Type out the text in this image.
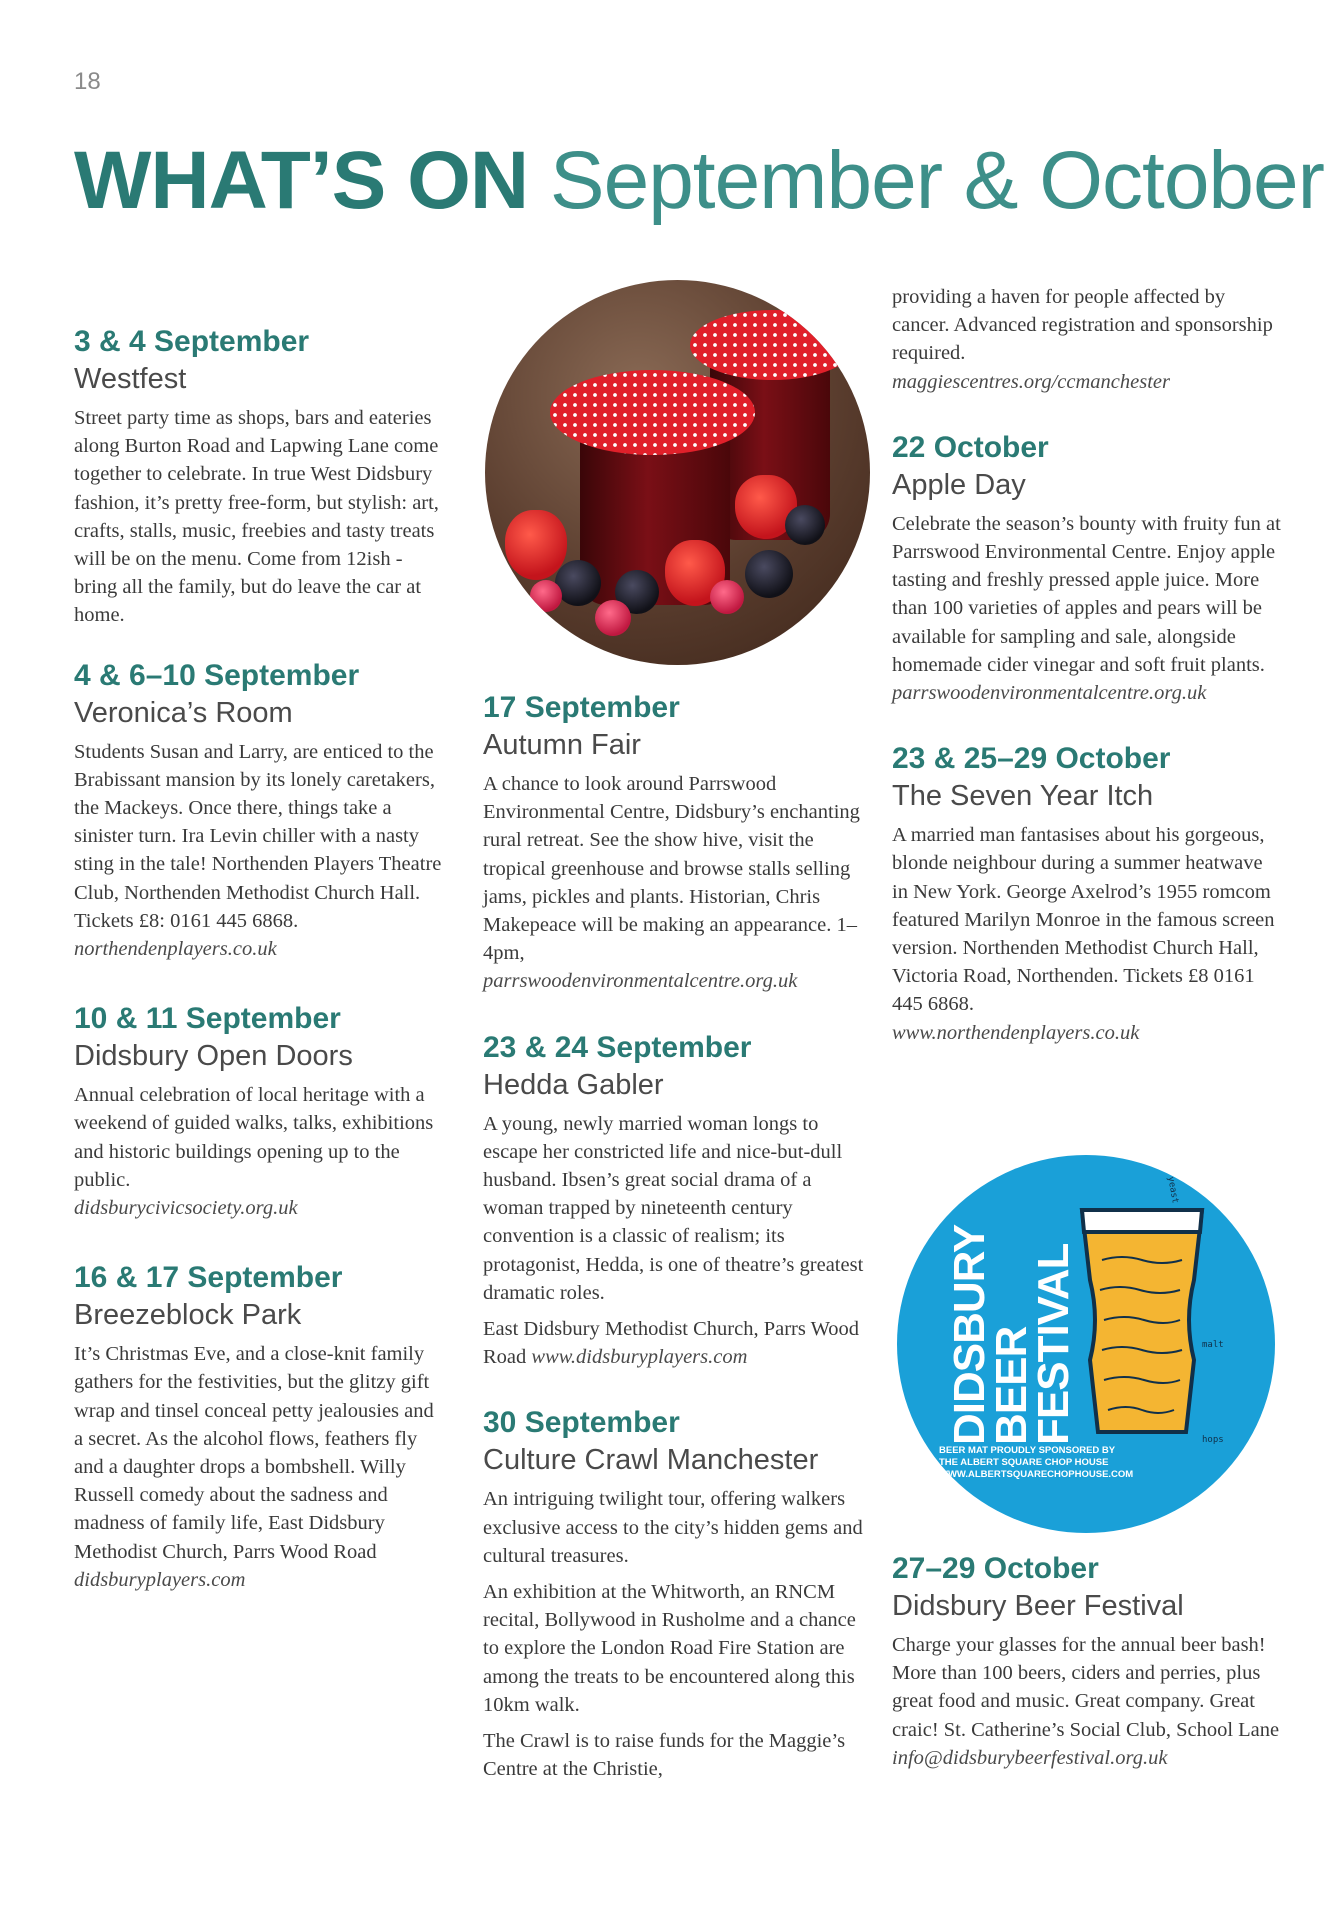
18
WHAT’S ON September & October

3 & 4 September

Westfest

Street party time as shops, bars and eateries along Burton Road and Lapwing Lane come together to celebrate. In true West Didsbury fashion, it’s pretty free-form, but stylish: art, crafts, stalls, music, freebies and tasty treats will be on the menu. Come from 12ish - bring all the family, but do leave the car at home.

4 & 6–10 September

Veronica’s Room

Students Susan and Larry, are enticed to the Brabissant mansion by its lonely caretakers, the Mackeys. Once there, things take a sinister turn. Ira Levin chiller with a nasty sting in the tale! Northenden Players Theatre Club, Northenden Methodist Church Hall. Tickets £8: 0161 445 6868.

northendenplayers.co.uk

10 & 11 September

Didsbury Open Doors

Annual celebration of local heritage with a weekend of guided walks, talks, exhibitions and historic buildings opening up to the public.

didsburycivicsociety.org.uk

16 & 17 September

Breezeblock Park

It’s Christmas Eve, and a close-knit family gathers for the festivities, but the glitzy gift wrap and tinsel conceal petty jealousies and a secret. As the alcohol flows, feathers fly and a daughter drops a bombshell. Willy Russell comedy about the sadness and madness of family life, East Didsbury Methodist Church, Parrs Wood Road

didsburyplayers.com

17 September

Autumn Fair

A chance to look around Parrswood Environmental Centre, Didsbury’s enchanting rural retreat. See the show hive, visit the tropical greenhouse and browse stalls selling jams, pickles and plants. Historian, Chris Makepeace will be making an appearance. 1–4pm,

parrswoodenvironmentalcentre.org.uk

23 & 24 September

Hedda Gabler

A young, newly married woman longs to escape her constricted life and nice-but-dull husband. Ibsen’s great social drama of a woman trapped by nineteenth century convention is a classic of realism; its protagonist, Hedda, is one of theatre’s greatest dramatic roles.

East Didsbury Methodist Church, Parrs Wood Road www.didsburyplayers.com

30 September

Culture Crawl Manchester

An intriguing twilight tour, offering walkers exclusive access to the city’s hidden gems and cultural treasures.

An exhibition at the Whitworth, an RNCM recital, Bollywood in Rusholme and a chance to explore the London Road Fire Station are among the treats to be encountered along this 10km walk.

The Crawl is to raise funds for the Maggie’s Centre at the Christie,

providing a haven for people affected by cancer. Advanced registration and sponsorship required.

maggiescentres.org/ccmanchester

22 October

Apple Day

Celebrate the season’s bounty with fruity fun at Parrswood Environmental Centre. Enjoy apple tasting and freshly pressed apple juice. More than 100 varieties of apples and pears will be available for sampling and sale, alongside homemade cider vinegar and soft fruit plants.

parrswoodenvironmentalcentre.org.uk

23 & 25–29 October

The Seven Year Itch

A married man fantasises about his gorgeous, blonde neighbour during a summer heatwave in New York. George Axelrod’s 1955 romcom featured Marilyn Monroe in the famous screen version. Northenden Methodist Church Hall, Victoria Road, Northenden. Tickets £8 0161 445 6868.

www.northendenplayers.co.uk

DIDSBURY
BEER FESTIVAL
BEER MAT PROUDLY SPONSORED BY
THE ALBERT SQUARE CHOP HOUSE
WWW.ALBERTSQUARECHOPHOUSE.COM
malt
hops
yeast

27–29 October

Didsbury Beer Festival

Charge your glasses for the annual beer bash! More than 100 beers, ciders and perries, plus great food and music. Great company. Great craic! St. Catherine’s Social Club, School Lane

info@didsburybeerfestival.org.uk
